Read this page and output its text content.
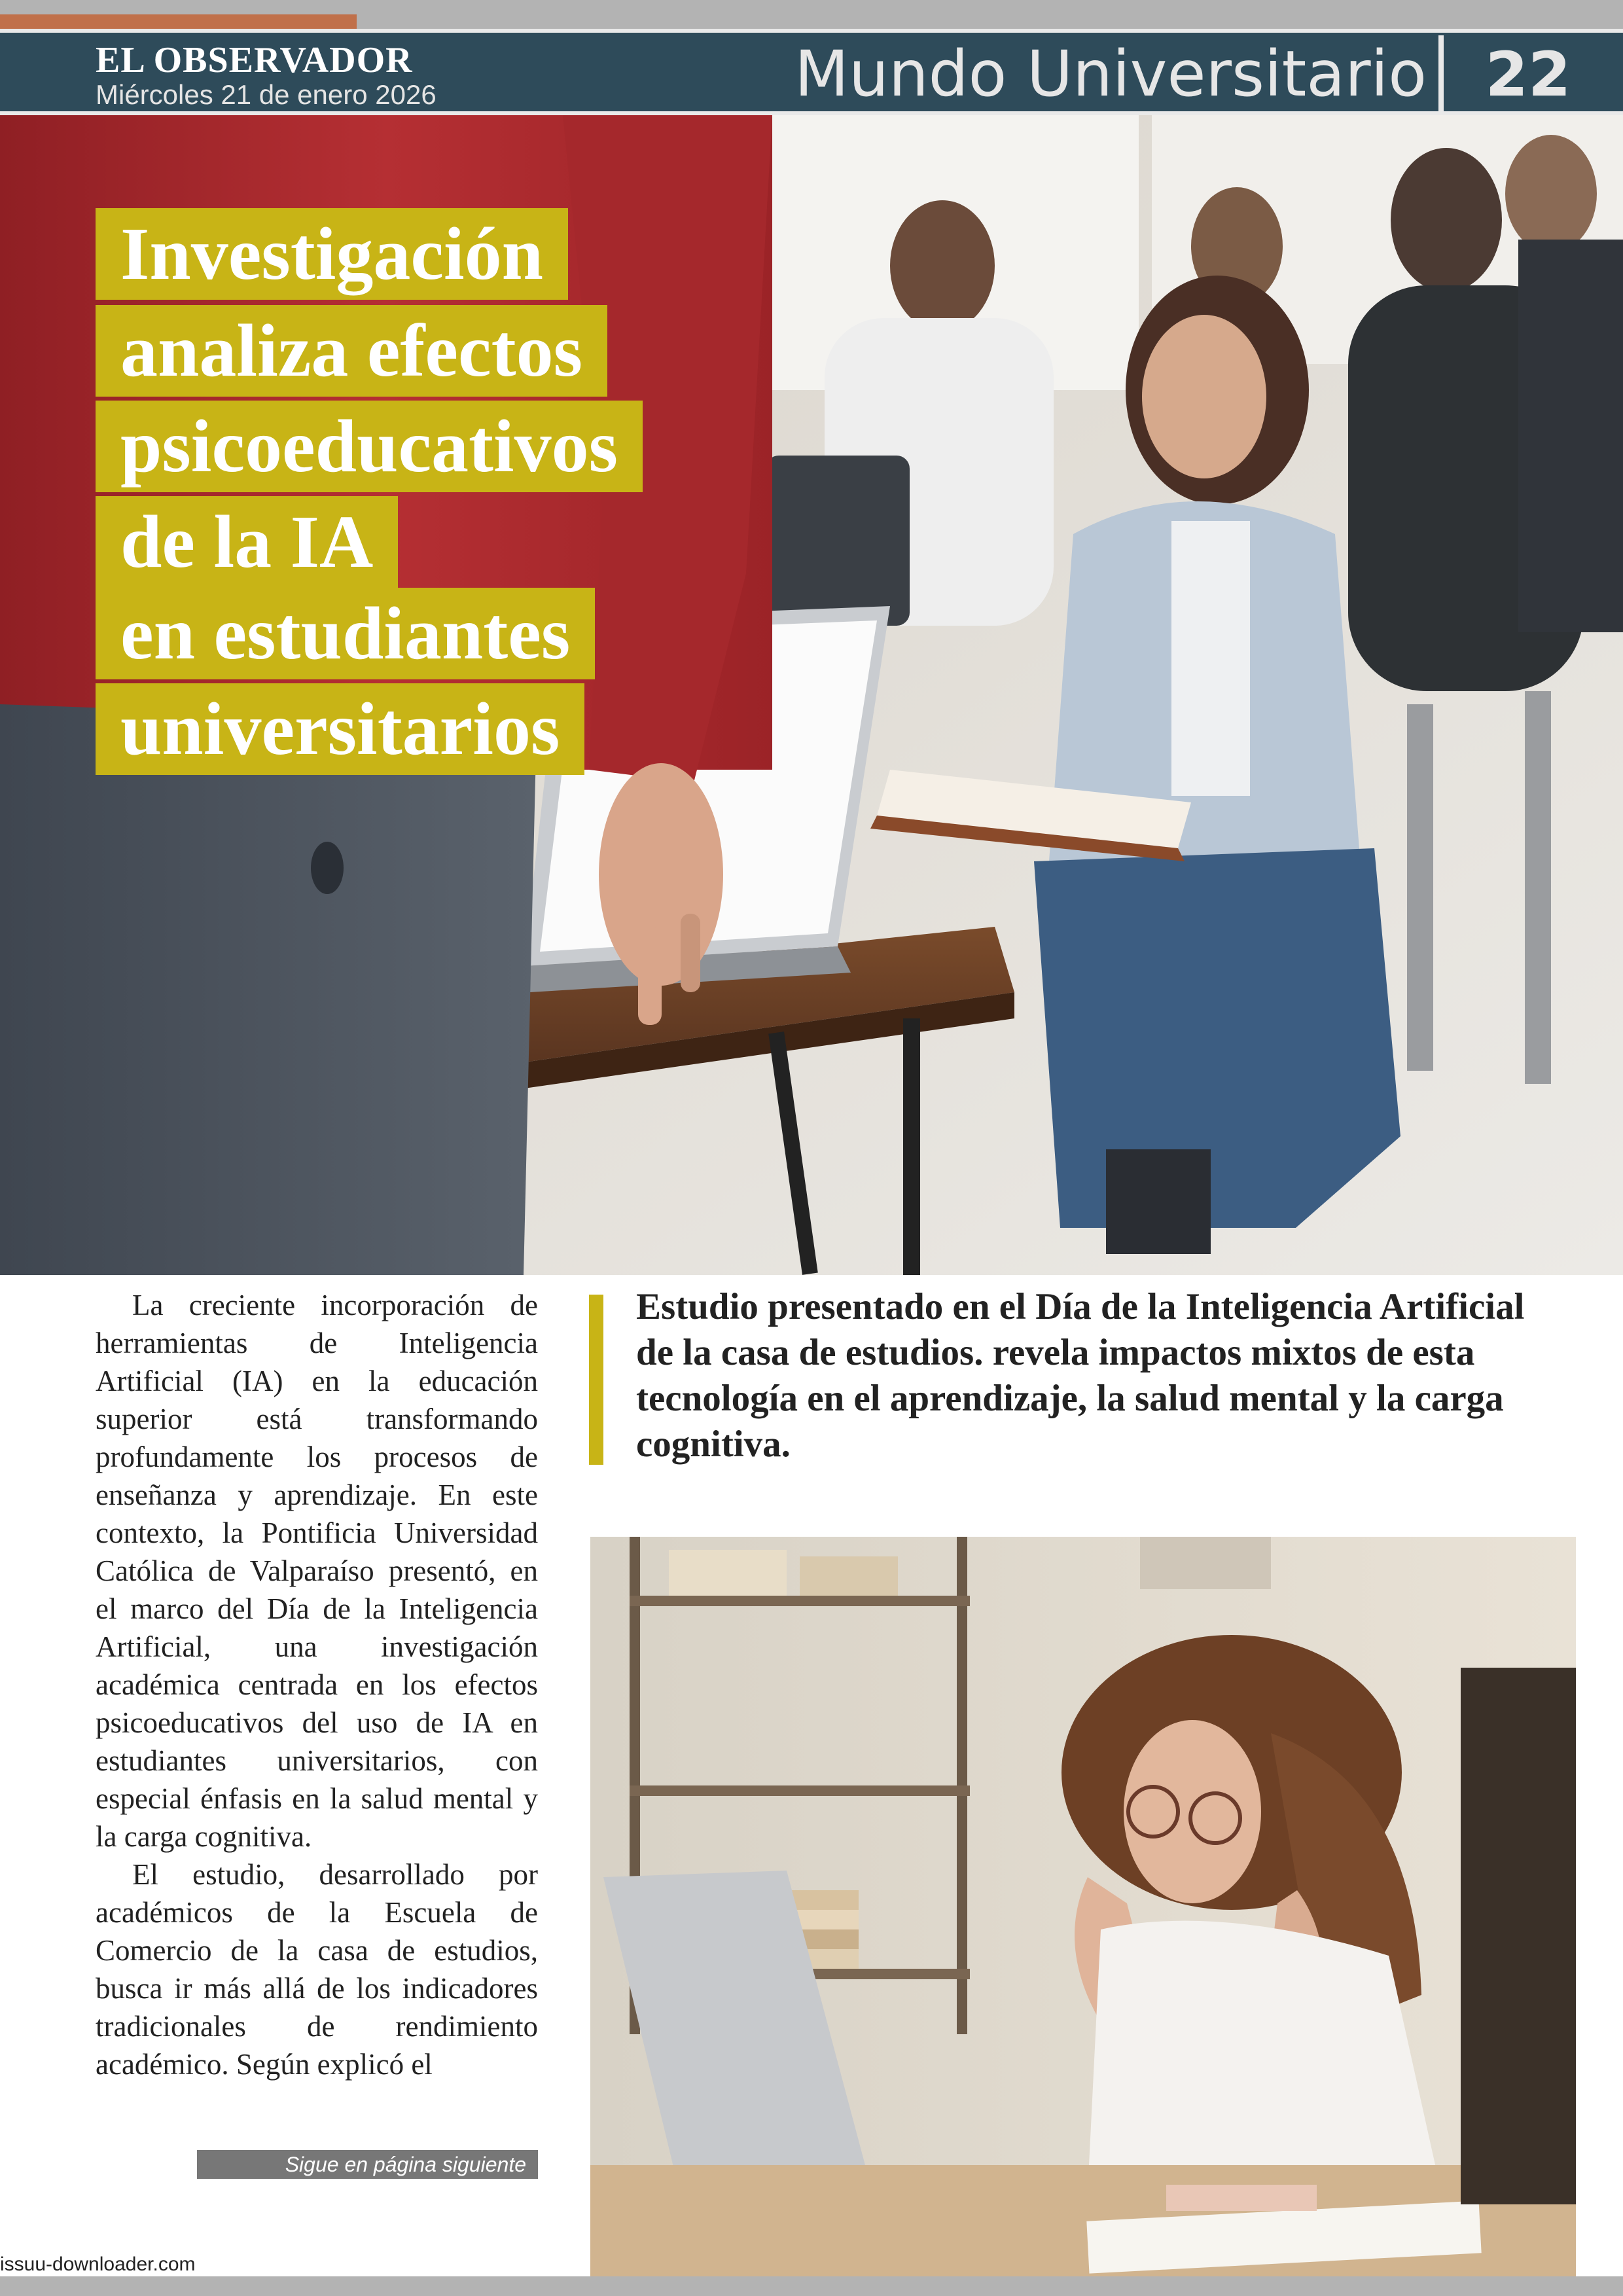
EL OBSERVADOR
Miércoles 21 de enero 2026	Mundo Universitario 22
Investigación
analiza efectos
psicoeducativos
de la IA
en estudiantes
universitarios

La creciente incorporación de herramientas de Inteligencia Artificial (IA) en la educación superior está transformando profundamente los procesos de enseñanza y aprendizaje. En este contexto, la Pontificia Universidad Católica de Valparaíso presentó, en el marco del Día de la Inteligencia Artificial, una investigación académica centrada en los efectos psicoeducativos del uso de IA en estudiantes universitarios, con especial énfasis en la salud mental y la carga cognitiva.

El estudio, desarrollado por académicos de la Escuela de Comercio de la casa de estudios, busca ir más allá de los indicadores tradicionales de rendimiento académico. Según explicó el

Sigue en página siguiente
Estudio presentado en el Día de la Inteligencia Artificial de la casa de estudios. revela impactos mixtos de esta tecnología en el aprendizaje, la salud mental y la carga cognitiva.
issuu-downloader.com
